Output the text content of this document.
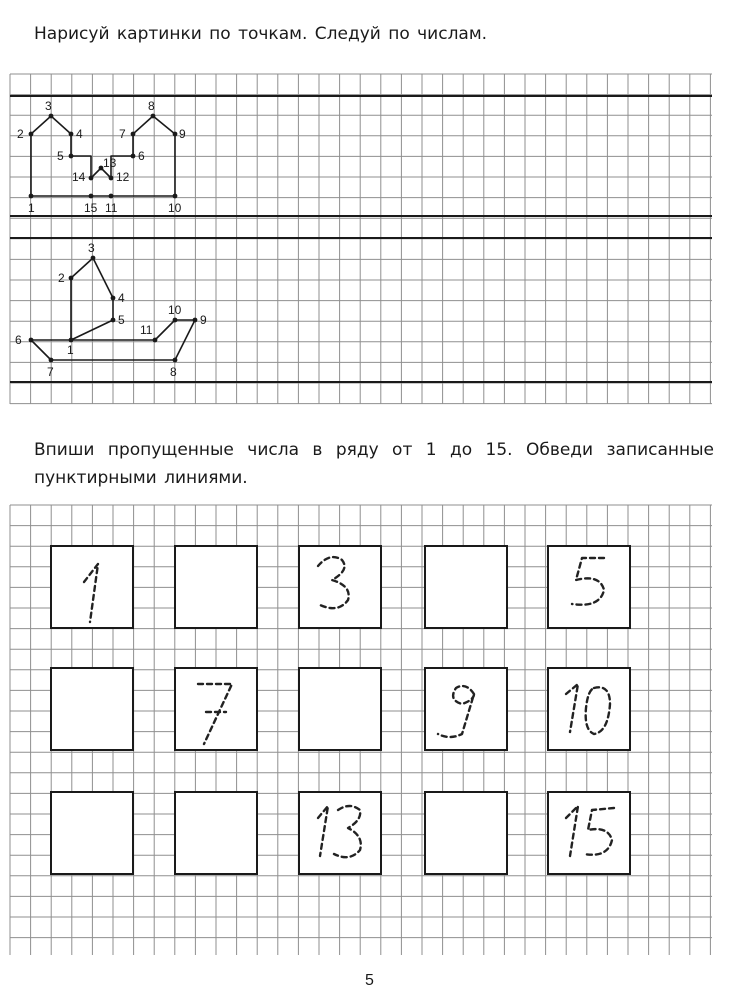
Нарисуй картинки по точкам. Следуй по числам.

Впиши пропущенные числа в ряду от 1 до 15. Обведи записанные пунктирными линиями.

1
2
3
4
5	6
7
8
9
10
11
12
13
14
15
1
2
3
4
5
6
7	8
9
10
11
5
